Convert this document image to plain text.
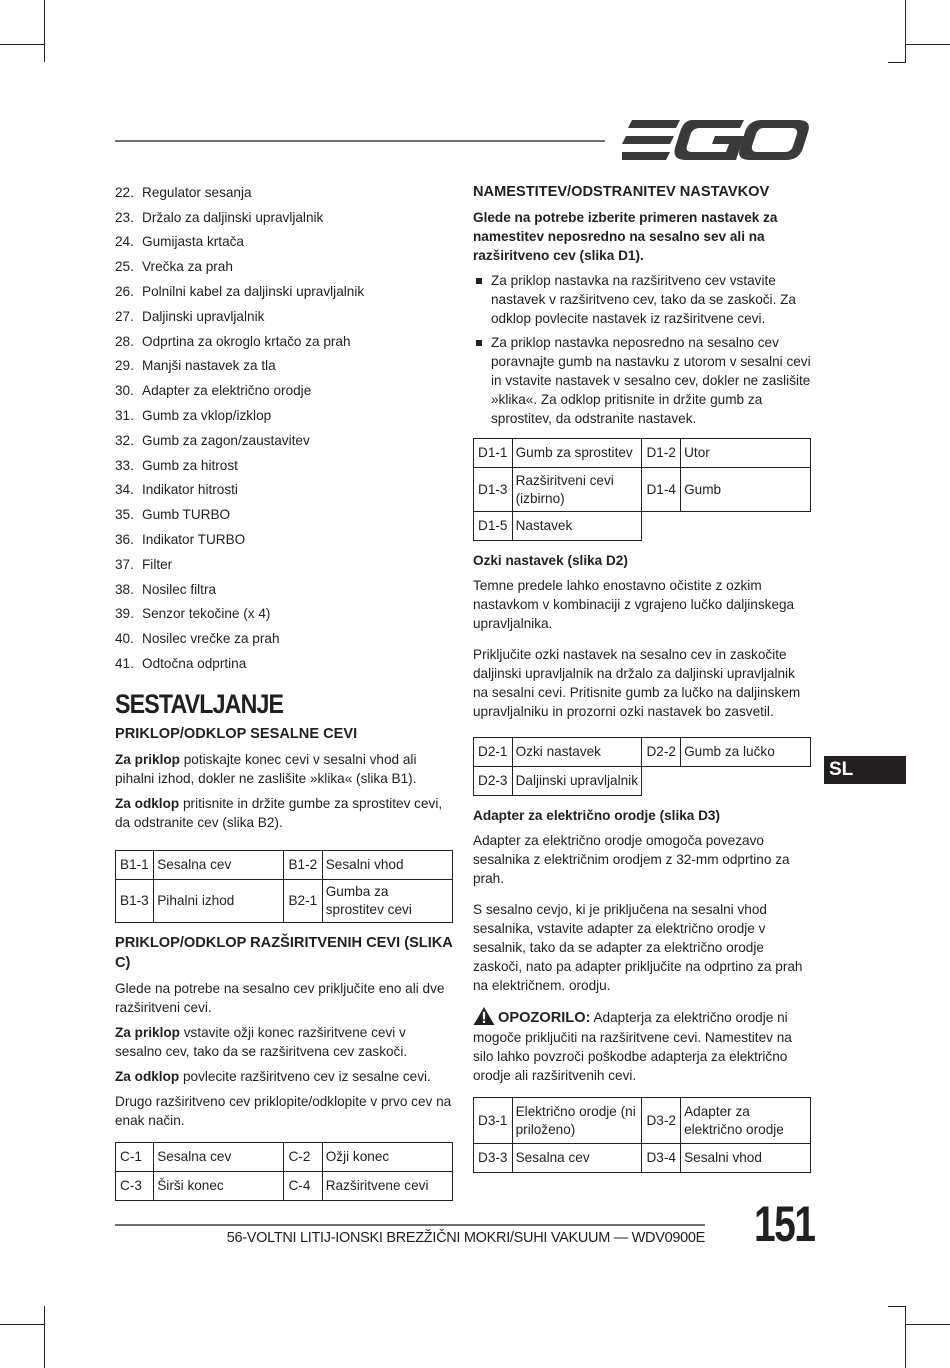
22. Regulator sesanja
23. Držalo za daljinski upravljalnik
24. Gumijasta krtača
25. Vrečka za prah
26. Polnilni kabel za daljinski upravljalnik
27. Daljinski upravljalnik
28. Odprtina za okroglo krtačo za prah
29. Manjši nastavek za tla
30. Adapter za električno orodje
31. Gumb za vklop/izklop
32. Gumb za zagon/zaustavitev
33. Gumb za hitrost
34. Indikator hitrosti
35. Gumb TURBO
36. Indikator TURBO
37. Filter
38. Nosilec filtra
39. Senzor tekočine (x 4)
40. Nosilec vrečke za prah
41. Odtočna odprtina
SESTAVLJANJE
PRIKLOP/ODKLOP SESALNE CEVI

Za priklop potiskajte konec cevi v sesalni vhod ali pihalni izhod, dokler ne zaslišite »klika« (slika B1).

Za odklop pritisnite in držite gumbe za sprostitev cevi, da odstranite cev (slika B2).

B1-1	Sesalna cev	B1-2	Sesalni vhod
B1-3	Pihalni izhod	B2-1	Gumba za sprostitev cevi
PRIKLOP/ODKLOP RAZŠIRITVENIH CEVI (SLIKA C)

Glede na potrebe na sesalno cev priključite eno ali dve razširitveni cevi.

Za priklop vstavite ožji konec razširitvene cevi v sesalno cev, tako da se razširitvena cev zaskoči.

Za odklop povlecite razširitveno cev iz sesalne cevi.

Drugo razširitveno cev priklopite/odklopite v prvo cev na enak način.

C-1	Sesalna cev	C-2	Ožji konec
C-3	Širši konec	C-4	Razširitvene cevi
NAMESTITEV/ODSTRANITEV NASTAVKOV

Glede na potrebe izberite primeren nastavek za namestitev neposredno na sesalno sev ali na razširitveno cev (slika D1).

Za priklop nastavka na razširitveno cev vstavite nastavek v razširitveno cev, tako da se zaskoči. Za odklop povlecite nastavek iz razširitvene cevi.
Za priklop nastavka neposredno na sesalno cev poravnajte gumb na nastavku z utorom v sesalni cevi in vstavite nastavek v sesalno cev, dokler ne zaslišite »klika«. Za odklop pritisnite in držite gumb za sprostitev, da odstranite nastavek.
D1-1	Gumb za sprostitev	D1-2	Utor
D1-3	Razširitveni cevi (izbirno)	D1-4	Gumb
D1-5	Nastavek		
Ozki nastavek (slika D2)

Temne predele lahko enostavno očistite z ozkim nastavkom v kombinaciji z vgrajeno lučko daljinskega upravljalnika.

Priključite ozki nastavek na sesalno cev in zaskočite daljinski upravljalnik na držalo za daljinski upravljalnik na sesalni cevi. Pritisnite gumb za lučko na daljinskem upravljalniku in prozorni ozki nastavek bo zasvetil.

D2-1	Ozki nastavek	D2-2	Gumb za lučko
D2-3	Daljinski upravljalnik		
Adapter za električno orodje (slika D3)

Adapter za električno orodje omogoča povezavo sesalnika z električnim orodjem z 32-mm odprtino za prah.

S sesalno cevjo, ki je priključena na sesalni vhod sesalnika, vstavite adapter za električno orodje v sesalnik, tako da se adapter za električno orodje zaskoči, nato pa adapter priključite na odprtino za prah na električnem. orodju.

OPOZORILO: Adapterja za električno orodje ni mogoče priključiti na razširitvene cevi. Namestitev na silo lahko povzroči poškodbe adapterja za električno orodje ali razširitvenih cevi.

D3-1	Električno orodje (ni priloženo)	D3-2	Adapter za električno orodje
D3-3	Sesalna cev	D3-4	Sesalni vhod
SL
56-VOLTNI LITIJ-IONSKI BREZŽIČNI MOKRI/SUHI VAKUUM — WDV0900E 151
